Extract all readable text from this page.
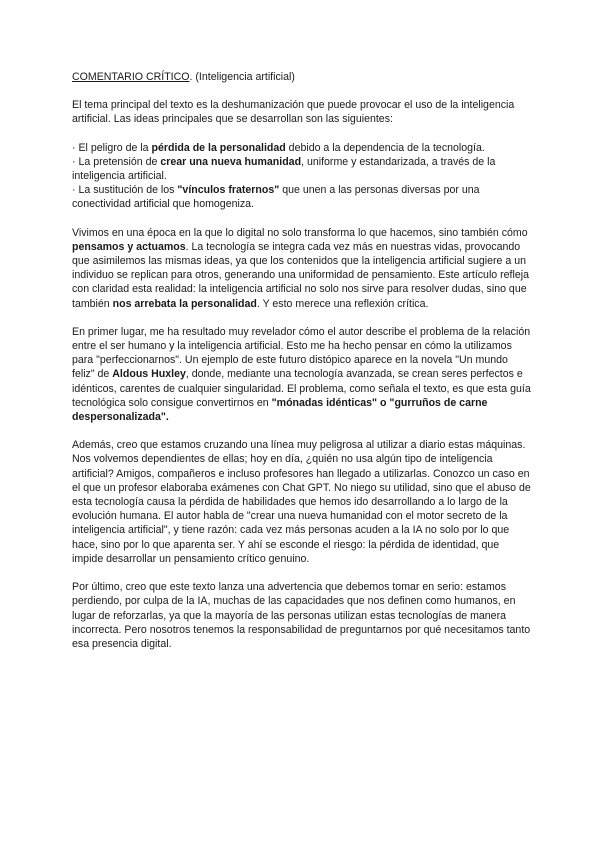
COMENTARIO CRÍTICO. (Inteligencia artificial)

El tema principal del texto es la deshumanización que puede provocar el uso de la inteligencia artificial. Las ideas principales que se desarrollan son las siguientes:

· El peligro de la pérdida de la personalidad debido a la dependencia de la tecnología.

· La pretensión de crear una nueva humanidad, uniforme y estandarizada, a través de la inteligencia artificial.

· La sustitución de los "vínculos fraternos" que unen a las personas diversas por una conectividad artificial que homogeniza.

Vivimos en una época en la que lo digital no solo transforma lo que hacemos, sino también cómo pensamos y actuamos. La tecnología se integra cada vez más en nuestras vidas, provocando que asimilemos las mismas ideas, ya que los contenidos que la inteligencia artificial sugiere a un individuo se replican para otros, generando una uniformidad de pensamiento. Este artículo refleja con claridad esta realidad: la inteligencia artificial no solo nos sirve para resolver dudas, sino que también nos arrebata la personalidad. Y esto merece una reflexión crítica.

En primer lugar, me ha resultado muy revelador cómo el autor describe el problema de la relación entre el ser humano y la inteligencia artificial. Esto me ha hecho pensar en cómo la utilizamos para "perfeccionarnos". Un ejemplo de este futuro distópico aparece en la novela "Un mundo feliz" de Aldous Huxley, donde, mediante una tecnología avanzada, se crean seres perfectos e idénticos, carentes de cualquier singularidad. El problema, como señala el texto, es que esta guía tecnológica solo consigue convertirnos en "mónadas idénticas" o "gurruños de carne despersonalizada".

Además, creo que estamos cruzando una línea muy peligrosa al utilizar a diario estas máquinas. Nos volvemos dependientes de ellas; hoy en día, ¿quién no usa algún tipo de inteligencia artificial? Amigos, compañeros e incluso profesores han llegado a utilizarlas. Conozco un caso en el que un profesor elaboraba exámenes con Chat GPT. No niego su utilidad, sino que el abuso de esta tecnología causa la pérdida de habilidades que hemos ido desarrollando a lo largo de la evolución humana. El autor habla de "crear una nueva humanidad con el motor secreto de la inteligencia artificial", y tiene razón: cada vez más personas acuden a la IA no solo por lo que hace, sino por lo que aparenta ser. Y ahí se esconde el riesgo: la pérdida de identidad, que impide desarrollar un pensamiento crítico genuino.

Por último, creo que este texto lanza una advertencia que debemos tomar en serio: estamos perdiendo, por culpa de la IA, muchas de las capacidades que nos definen como humanos, en lugar de reforzarlas, ya que la mayoría de las personas utilizan estas tecnologías de manera incorrecta. Pero nosotros tenemos la responsabilidad de preguntarnos por qué necesitamos tanto esa presencia digital.
